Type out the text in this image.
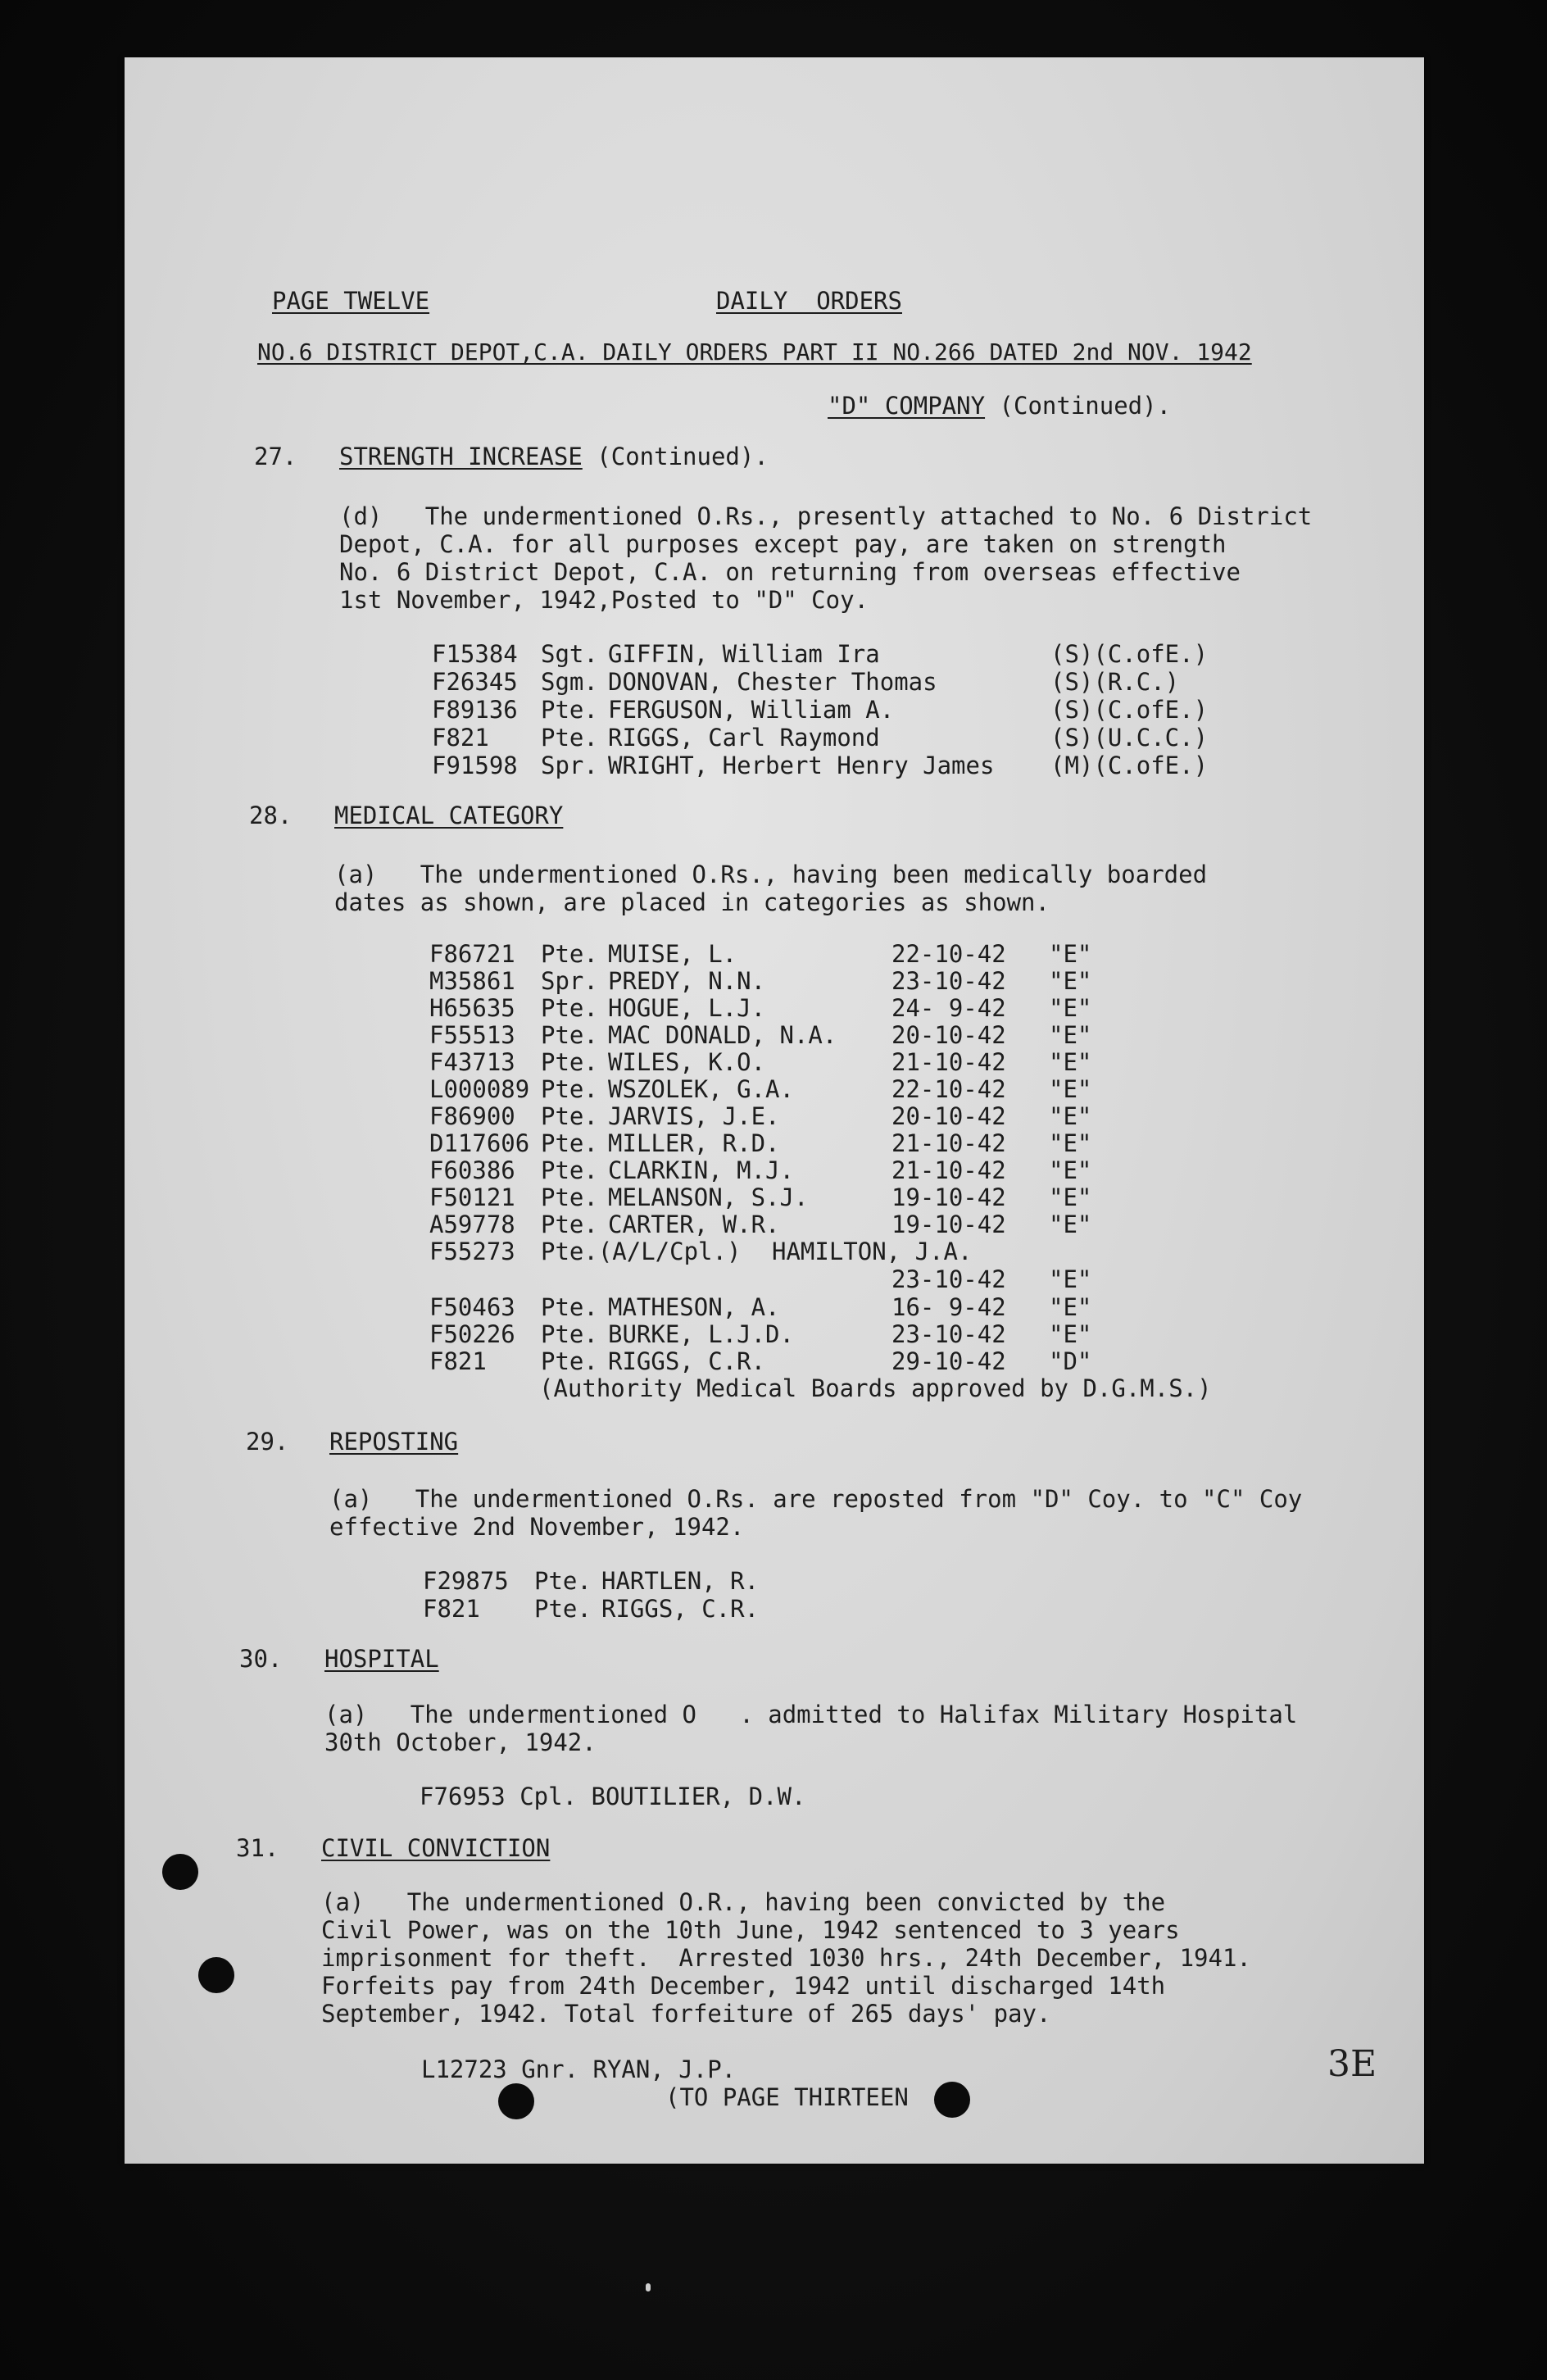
PAGE TWELVE	DAILY  ORDERS
NO.6 DISTRICT DEPOT,C.A. DAILY ORDERS PART II NO.266 DATED 2nd NOV. 1942
"D" COMPANY (Continued).
27. STRENGTH INCREASE (Continued).
(d)   The undermentioned O.Rs., presently attached to No. 6 District
Depot, C.A. for all purposes except pay, are taken on strength
No. 6 District Depot, C.A. on returning from overseas effective
1st November, 1942,Posted to "D" Coy.
F15384 Sgt. GIFFIN, William Ira	(S)(C.ofE.)
F26345 Sgm. DONOVAN, Chester Thomas	(S)(R.C.)
F89136 Pte. FERGUSON, William A.	(S)(C.ofE.)
F821 Pte. RIGGS, Carl Raymond	(S)(U.C.C.)
F91598 Spr. WRIGHT, Herbert Henry James (M)(C.ofE.)
28. MEDICAL CATEGORY
(a)   The undermentioned O.Rs., having been medically boarded
dates as shown, are placed in categories as shown.
F86721 Pte. MUISE, L.	22-10-42 "E"
M35861 Spr. PREDY, N.N.	23-10-42 "E"
H65635 Pte. HOGUE, L.J.	24- 9-42 "E"
F55513 Pte. MAC DONALD, N.A. 20-10-42 "E"
F43713 Pte. WILES, K.O.	21-10-42 "E"
L000089 Pte. WSZOLEK, G.A.	22-10-42 "E"
F86900 Pte. JARVIS, J.E.	20-10-42 "E"
D117606 Pte. MILLER, R.D.	21-10-42 "E"
F60386 Pte. CLARKIN, M.J.	21-10-42 "E"
F50121 Pte. MELANSON, S.J.	19-10-42 "E"
A59778 Pte. CARTER, W.R.	19-10-42 "E"
F55273 Pte.(A/L/Cpl.) HAMILTON, J.A.
23-10-42 "E"
F50463 Pte. MATHESON, A.	16- 9-42 "E"
F50226 Pte. BURKE, L.J.D.	23-10-42 "E"
F821 Pte. RIGGS, C.R.	29-10-42 "D"
(Authority Medical Boards approved by D.G.M.S.)
29. REPOSTING
(a)   The undermentioned O.Rs. are reposted from "D" Coy. to "C" Coy
effective 2nd November, 1942.
F29875 Pte. HARTLEN, R.
F821 Pte. RIGGS, C.R.
30. HOSPITAL
(a)   The undermentioned O   . admitted to Halifax Military Hospital
30th October, 1942.
F76953 Cpl. BOUTILIER, D.W.
31. CIVIL CONVICTION
(a)   The undermentioned O.R., having been convicted by the
Civil Power, was on the 10th June, 1942 sentenced to 3 years
imprisonment for theft.  Arrested 1030 hrs., 24th December, 1941.
Forfeits pay from 24th December, 1942 until discharged 14th
September, 1942. Total forfeiture of 265 days' pay.
L12723 Gnr. RYAN, J.P.
(TO PAGE THIRTEEN
3E
